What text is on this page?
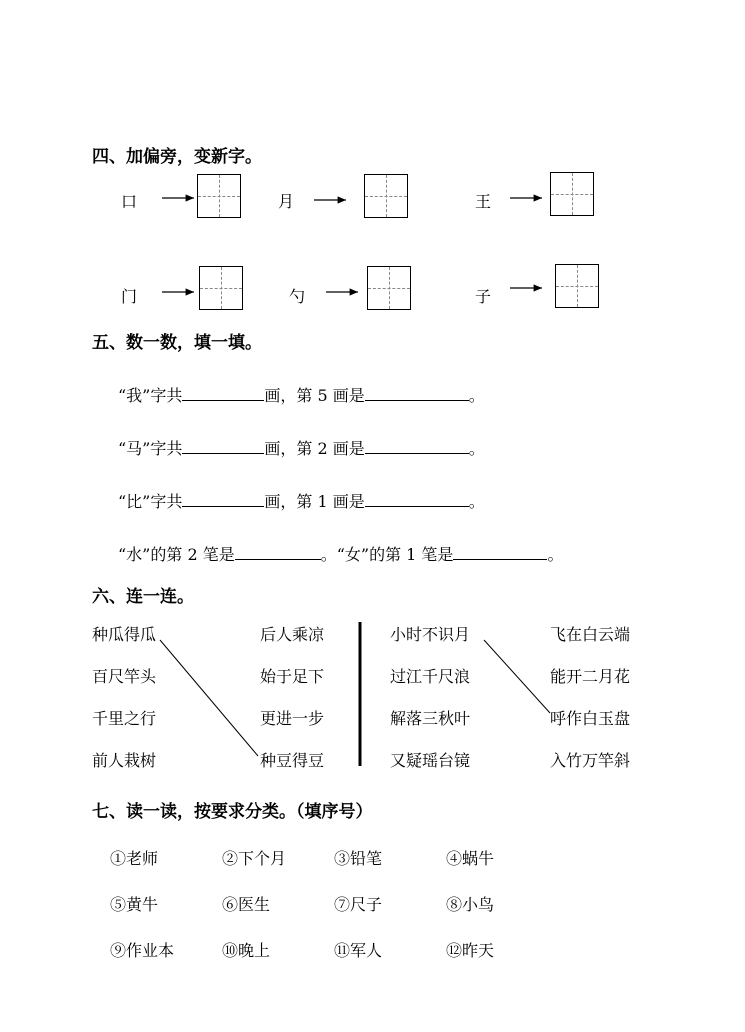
四、加偏旁，变新字。
口	月	王
门	勺	子
五、数一数，填一填。
“我”字共	画，第 5 画是	。
“马”字共	画，第 2 画是	。
“比”字共	画，第 1 画是	。
“水”的第 2 笔是	。“女”的第 1 笔是	。
六、连一连。
种瓜得瓜
百尺竿头
千里之行
前人栽树
后人乘凉
始于足下
更进一步
种豆得豆
小时不识月
过江千尺浪
解落三秋叶
又疑瑶台镜
飞在白云端
能开二月花
呼作白玉盘
入竹万竿斜
七、读一读，按要求分类。（填序号）
①老师	②下个月	③铅笔	④蜗牛
⑤黄牛	⑥医生	⑦尺子	⑧小鸟
⑨作业本	⑩晚上	⑪军人	⑫昨天
